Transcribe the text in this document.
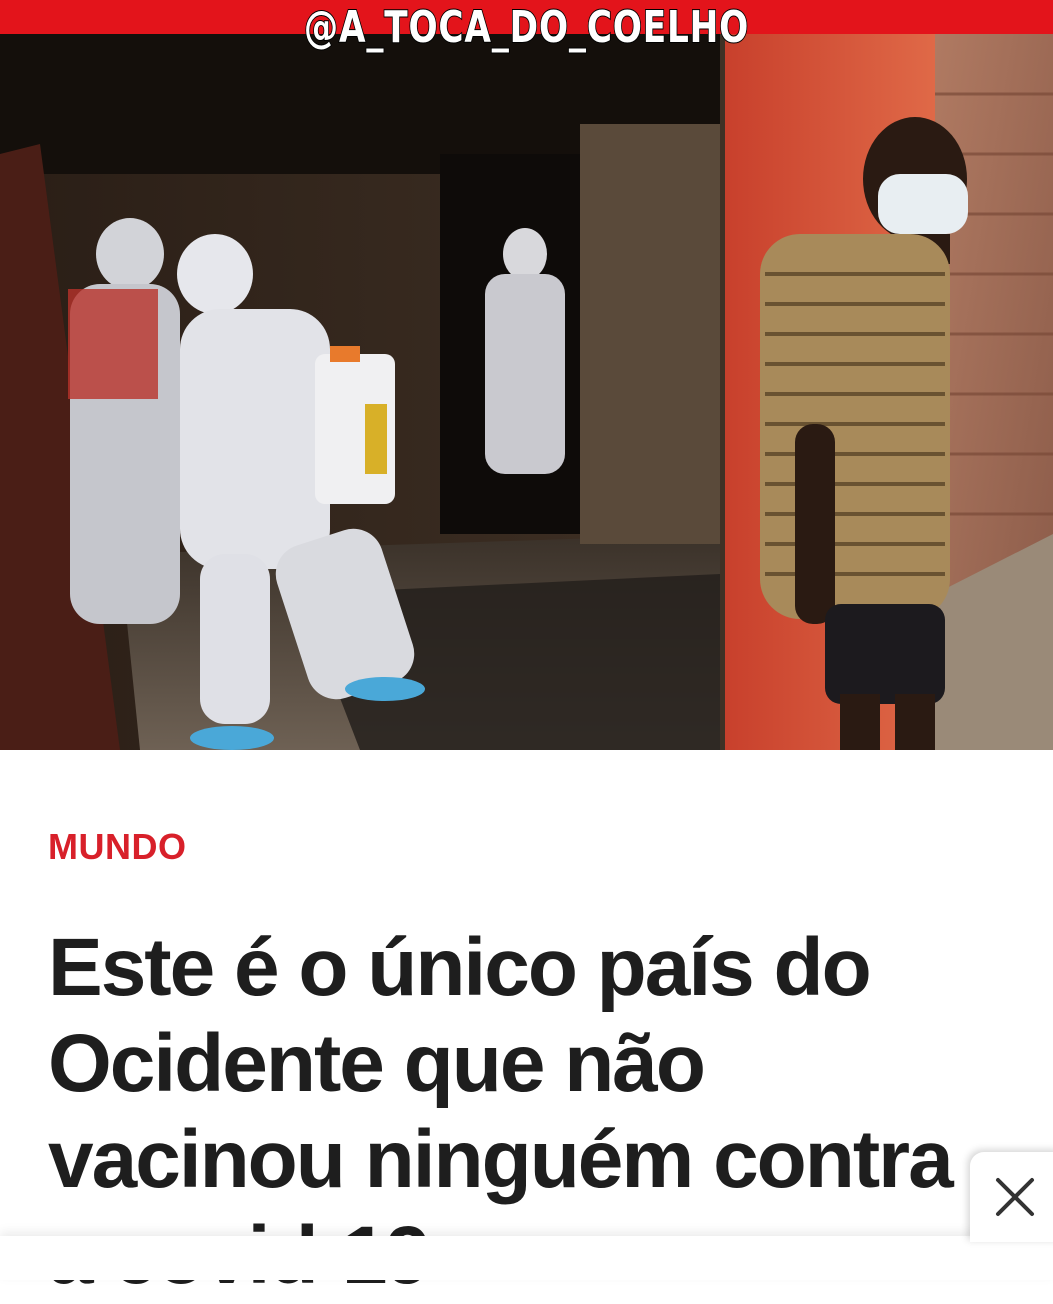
@A_TOCA_DO_COELHO
MUNDO
Este é o único país do Ocidente que não vacinou ninguém contra
